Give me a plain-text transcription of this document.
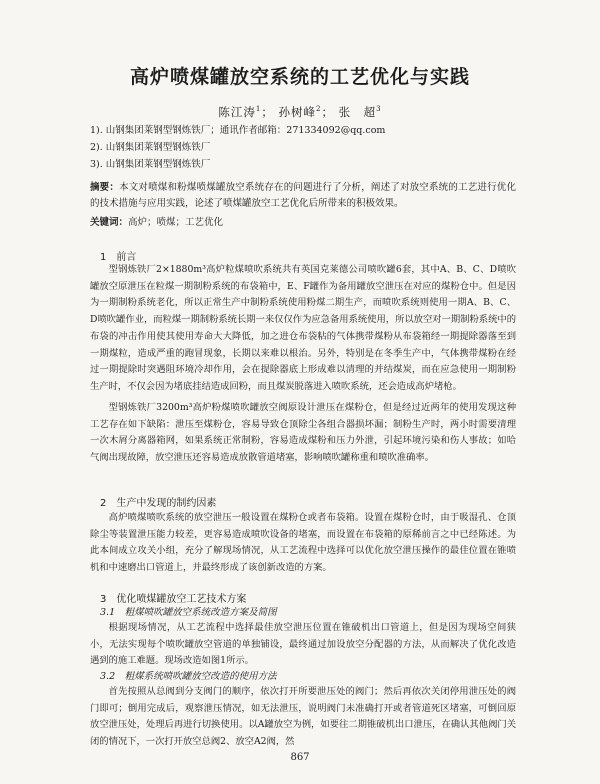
高炉喷煤罐放空系统的工艺优化与实践
陈江涛$^1$； 孙树峰$^2$； 张　超$^3$
1). 山钢集团莱钢型钢炼铁厂；通讯作者邮箱：271334092@qq.com
2). 山钢集团莱钢型钢炼铁厂
3). 山钢集团莱钢型钢炼铁厂
摘要：本文对喷煤和粉煤喷煤罐放空系统存在的问题进行了分析，阐述了对放空系统的工艺进行优化的技术措施与应用实践，论述了喷煤罐放空工艺优化后所带来的积极效果。
关键词：高炉；喷煤；工艺优化
1　 前言

型钢炼铁厂2×1880m³高炉粒煤喷吹系统共有英国克莱德公司喷吹罐6套，其中A、B、C、D喷吹罐放空原泄压在粒煤一期制粉系统的布袋箱中，E、F罐作为备用罐放空泄压在对应的煤粉仓中。但是因为一期制粉系统老化，所以正常生产中制粉系统使用粉煤二期生产，而喷吹系统则使用一期A、B、C、D喷吹罐作业，而粒煤一期制粉系统长期一来仅仅作为应急备用系统使用，所以放空对一期制粉系统中的布袋的冲击作用使其使用寿命大大降低，加之进仓布袋粘的气体携带煤粉从布袋箱经一期提除器落至到一期煤粒，造成严重的跑冒现象，长期以来难以根治。另外，特别是在冬季生产中，气体携带煤粉在经过一期提除时突遇阻环境冷却作用，会在提除器底上形成难以清理的并结煤炭，而在应急使用一期制粉生产时，不仅会因为堵底挂结造成回粉，而且煤炭脱落进入喷吹系统，还会造成高炉堵枪。

型钢炼铁厂3200m³高炉粉煤喷吹罐放空阀原设计泄压在煤粉仓，但是经过近两年的使用发现这种工艺存在如下缺陷：泄压至煤粉仓，容易导致仓顶除尘各组合器损坏漏；制粉生产时，两小时需要清理一次木屑分离器箱网，如果系统正常制粉，容易造成煤粉和压力外泄，引起环境污染和伤人事故；如哈气阀出现故障，放空泄压还容易造成放散管道堵塞，影响喷吹罐称重和喷吹准确率。

2　 生产中发现的制约因素

高炉喷煤喷吹系统的放空泄压一般设置在煤粉仓或者布袋箱。设置在煤粉仓时，由于吸湿孔、仓顶除尘等装置泄压能力较差，更容易造成喷吹设备的堵塞，而设置在布袋箱的原稀前言之中已经陈述。为此本间成立攻关小组，充分了解现场情况，从工艺流程中选择可以优化放空泄压操作的最佳位置在锥喷机和中速磨出口管道上，并最终形成了该创新改造的方案。

3　 优化喷煤罐放空工艺技术方案
3.1　 粗煤喷吹罐放空系统改造方案及简图

根据现场情况，从工艺流程中选择最佳放空泄压位置在锥破机出口管道上，但是因为现场空间狭小，无法实现每个喷吹罐放空管道的单独铺设，最终通过加设放空分配器的方法，从而解决了优化改造遇到的施工难题。现场改造如图1所示。

3.2　 粗煤系统喷吹罐放空改造的使用方法

首先按照从总阀到分支阀门的顺序，依次打开所要泄压处的阀门；然后再依次关闭停用泄压处的阀门即可；倒用完成后，观察泄压情况，如无法泄压，说明阀门未准确打开或者管道死区堵塞，可倒回原放空泄压处，处理后再进行切换使用。以A罐放空为例，如要往二期锥破机出口泄压，在确认其他阀门关闭的情况下，一次打开放空总阀2、放空A2阀，然

867
